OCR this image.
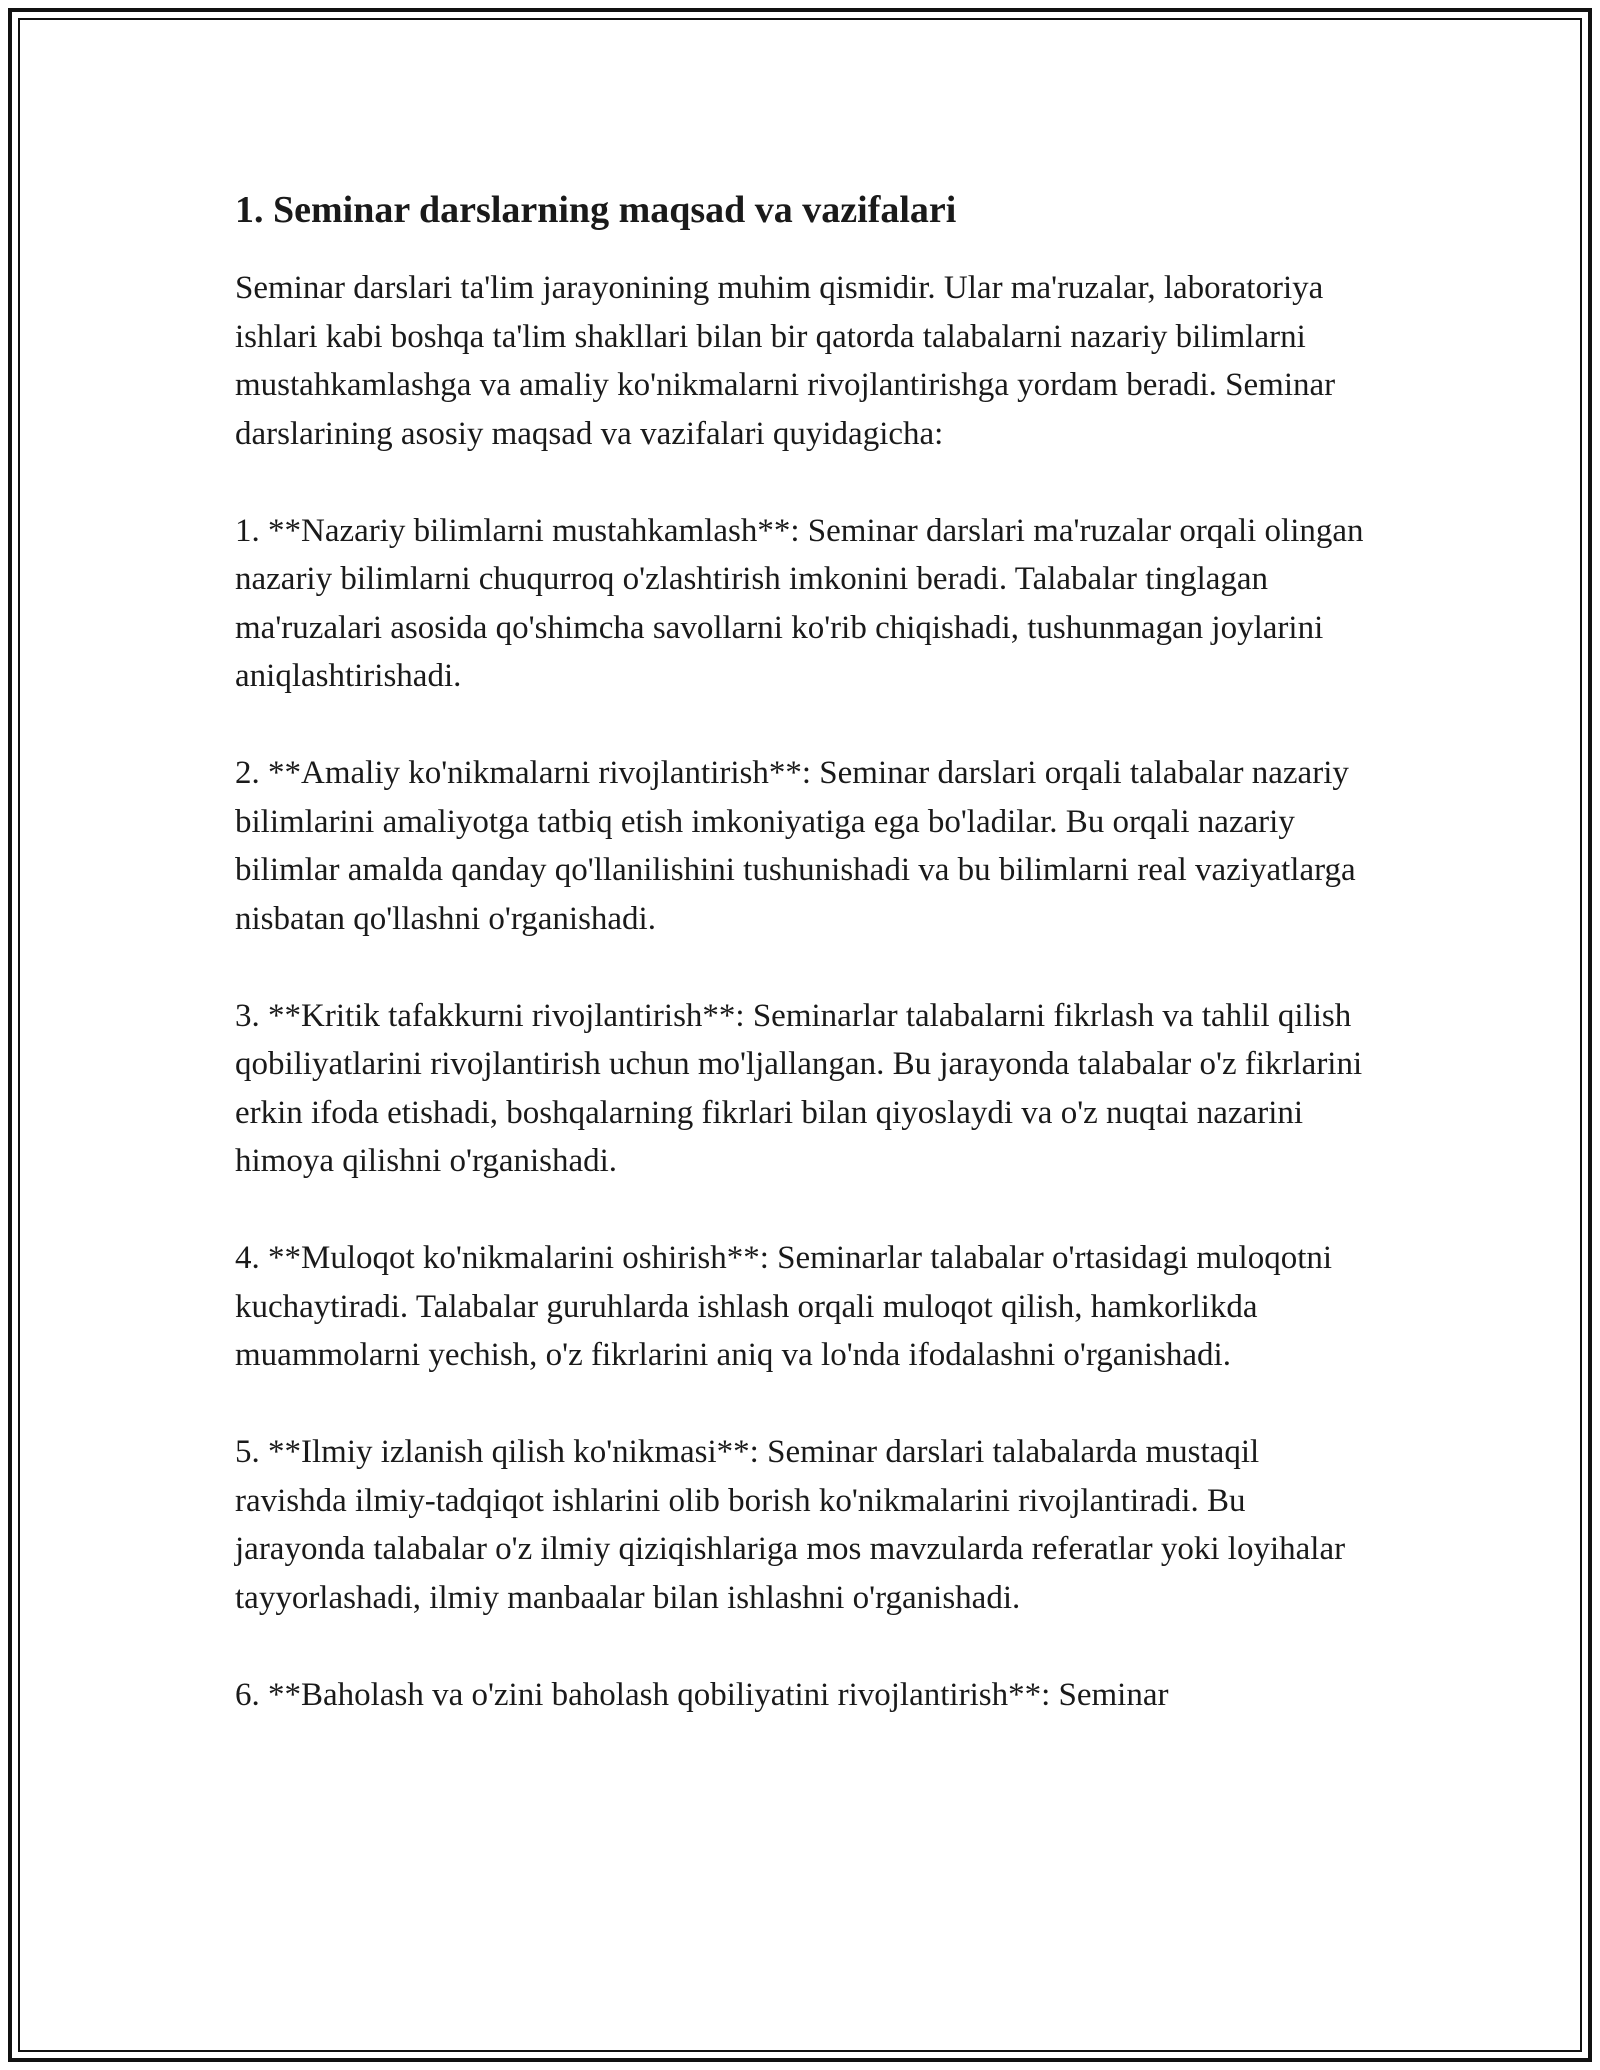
1. Seminar darslarning maqsad va vazifalari

Seminar darslari ta'lim jarayonining muhim qismidir. Ular ma'ruzalar, laboratoriya ishlari kabi boshqa ta'lim shakllari bilan bir qatorda talabalarni nazariy bilimlarni mustahkamlashga va amaliy ko'nikmalarni rivojlantirishga yordam beradi. Seminar darslarining asosiy maqsad va vazifalari quyidagicha:

1. **Nazariy bilimlarni mustahkamlash**: Seminar darslari ma'ruzalar orqali olingan nazariy bilimlarni chuqurroq o'zlashtirish imkonini beradi. Talabalar tinglagan ma'ruzalari asosida qo'shimcha savollarni ko'rib chiqishadi, tushunmagan joylarini aniqlashtirishadi.

2. **Amaliy ko'nikmalarni rivojlantirish**: Seminar darslari orqali talabalar nazariy bilimlarini amaliyotga tatbiq etish imkoniyatiga ega bo'ladilar. Bu orqali nazariy bilimlar amalda qanday qo'llanilishini tushunishadi va bu bilimlarni real vaziyatlarga nisbatan qo'llashni o'rganishadi.

3. **Kritik tafakkurni rivojlantirish**: Seminarlar talabalarni fikrlash va tahlil qilish qobiliyatlarini rivojlantirish uchun mo'ljallangan. Bu jarayonda talabalar o'z fikrlarini erkin ifoda etishadi, boshqalarning fikrlari bilan qiyoslaydi va o'z nuqtai nazarini himoya qilishni o'rganishadi.

4. **Muloqot ko'nikmalarini oshirish**: Seminarlar talabalar o'rtasidagi muloqotni kuchaytiradi. Talabalar guruhlarda ishlash orqali muloqot qilish, hamkorlikda muammolarni yechish, o'z fikrlarini aniq va lo'nda ifodalashni o'rganishadi.

5. **Ilmiy izlanish qilish ko'nikmasi**: Seminar darslari talabalarda mustaqil ravishda ilmiy-tadqiqot ishlarini olib borish ko'nikmalarini rivojlantiradi. Bu jarayonda talabalar o'z ilmiy qiziqishlariga mos mavzularda referatlar yoki loyihalar tayyorlashadi, ilmiy manbaalar bilan ishlashni o'rganishadi.

6. **Baholash va o'zini baholash qobiliyatini rivojlantirish**: Seminar
